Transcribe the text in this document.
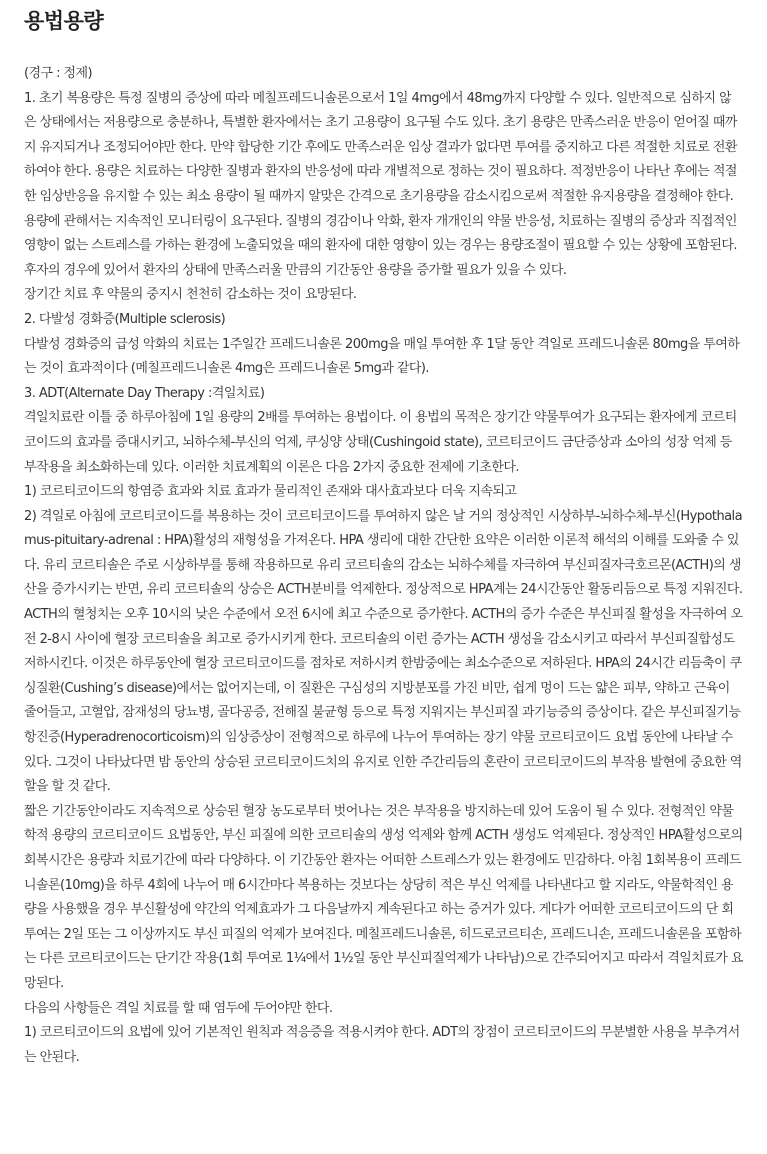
용법용량

(경구 : 정제)

1. 초기 복용량은 특정 질병의 증상에 따라 메칠프레드니솔론으로서 1일 4mg에서 48mg까지 다양할 수 있다. 일반적으로 심하지 않은 상태에서는 저용량으로 충분하나, 특별한 환자에서는 초기 고용량이 요구될 수도 있다. 초기 용량은 만족스러운 반응이 얻어질 때까지 유지되거나 조정되어야만 한다. 만약 합당한 기간 후에도 만족스러운 임상 결과가 없다면 투여를 중지하고 다른 적절한 치료로 전환하여야 한다. 용량은 치료하는 다양한 질병과 환자의 반응성에 따라 개별적으로 정하는 것이 필요하다. 적정반응이 나타난 후에는 적절한 임상반응을 유지할 수 있는 최소 용량이 될 때까지 알맞은 간격으로 초기용량을 감소시킴으로써 적절한 유지용량을 결정해야 한다. 용량에 관해서는 지속적인 모니터링이 요구된다. 질병의 경감이나 악화, 환자 개개인의 약물 반응성, 치료하는 질병의 증상과 직접적인 영향이 없는 스트레스를 가하는 환경에 노출되었을 때의 환자에 대한 영향이 있는 경우는 용량조절이 필요할 수 있는 상황에 포함된다. 후자의 경우에 있어서 환자의 상태에 만족스러울 만큼의 기간동안 용량을 증가할 필요가 있을 수 있다.

장기간 치료 후 약물의 중지시 천천히 감소하는 것이 요망된다.

2. 다발성 경화증(Multiple sclerosis)

다발성 경화증의 급성 악화의 치료는 1주일간 프레드니솔론 200mg을 매일 투여한 후 1달 동안 격일로 프레드니솔론 80mg을 투여하는 것이 효과적이다 (메칠프레드니솔론 4mg은 프레드니솔론 5mg과 같다).

3. ADT(Alternate Day Therapy :격일치료)

격일치료란 이틀 중 하루아침에 1일 용량의 2배를 투여하는 용법이다. 이 용법의 목적은 장기간 약물투여가 요구되는 환자에게 코르티코이드의 효과를 증대시키고, 뇌하수체-부신의 억제, 쿠싱양 상태(Cushingoid state), 코르티코이드 금단증상과 소아의 성장 억제 등 부작용을 최소화하는데 있다. 이러한 치료계획의 이론은 다음 2가지 중요한 전제에 기초한다.

1) 코르티코이드의 항염증 효과와 치료 효과가 물리적인 존재와 대사효과보다 더욱 지속되고

2) 격일로 아침에 코르티코이드를 복용하는 것이 코르티코이드를 투여하지 않은 날 거의 정상적인 시상하부-뇌하수체-부신(Hypothalamus-pituitary-adrenal : HPA)활성의 재형성을 가져온다. HPA 생리에 대한 간단한 요약은 이러한 이론적 해석의 이해를 도와줄 수 있다. 유리 코르티솔은 주로 시상하부를 통해 작용하므로 유리 코르티솔의 감소는 뇌하수체를 자극하여 부신피질자극호르몬(ACTH)의 생산을 증가시키는 반면, 유리 코르티솔의 상승은 ACTH분비를 억제한다. 정상적으로 HPA계는 24시간동안 활동리듬으로 특정 지워진다. ACTH의 혈청치는 오후 10시의 낮은 수준에서 오전 6시에 최고 수준으로 증가한다. ACTH의 증가 수준은 부신피질 활성을 자극하여 오전 2-8시 사이에 혈장 코르티솔을 최고로 증가시키게 한다. 코르티솔의 이런 증가는 ACTH 생성을 감소시키고 따라서 부신피질합성도 저하시킨다. 이것은 하루동안에 혈장 코르티코이드를 점차로 저하시켜 한밤중에는 최소수준으로 저하된다. HPA의 24시간 리듬축이 쿠싱질환(Cushing’s disease)에서는 없어지는데, 이 질환은 구심성의 지방분포를 가진 비만, 쉽게 멍이 드는 얇은 피부, 약하고 근육이 줄어들고, 고혈압, 잠재성의 당뇨병, 골다공증, 전해질 불균형 등으로 특정 지워지는 부신피질 과기능증의 증상이다. 같은 부신피질기능항진증(Hyperadrenocorticoism)의 임상증상이 전형적으로 하루에 나누어 투여하는 장기 약물 코르티코이드 요법 동안에 나타날 수 있다. 그것이 나타났다면 밤 동안의 상승된 코르티코이드치의 유지로 인한 주간리듬의 혼란이 코르티코이드의 부작용 발현에 중요한 역할을 할 것 같다.

짧은 기간동안이라도 지속적으로 상승된 혈장 농도로부터 벗어나는 것은 부작용을 방지하는데 있어 도움이 될 수 있다. 전형적인 약물학적 용량의 코르티코이드 요법동안, 부신 피질에 의한 코르티솔의 생성 억제와 함께 ACTH 생성도 억제된다. 정상적인 HPA활성으로의 회복시간은 용량과 치료기간에 따라 다양하다. 이 기간동안 환자는 어떠한 스트레스가 있는 환경에도 민감하다. 아침 1회복용이 프레드니솔론(10mg)을 하루 4회에 나누어 매 6시간마다 복용하는 것보다는 상당히 적은 부신 억제를 나타낸다고 할 지라도, 약물학적인 용량을 사용했을 경우 부신활성에 약간의 억제효과가 그 다음날까지 계속된다고 하는 증거가 있다. 게다가 어떠한 코르티코이드의 단 회 투여는 2일 또는 그 이상까지도 부신 피질의 억제가 보여진다. 메칠프레드니솔론, 히드로코르티손, 프레드니손, 프레드니솔론을 포함하는 다른 코르티코이드는 단기간 작용(1회 투여로 1¼에서 1½일 동안 부신피질억제가 나타남)으로 간주되어지고 따라서 격일치료가 요망된다.

다음의 사항들은 격일 치료를 할 때 염두에 두어야만 한다.

1) 코르티코이드의 요법에 있어 기본적인 원칙과 적응증을 적용시켜야 한다. ADT의 장점이 코르티코이드의 무분별한 사용을 부추겨서는 안된다.
